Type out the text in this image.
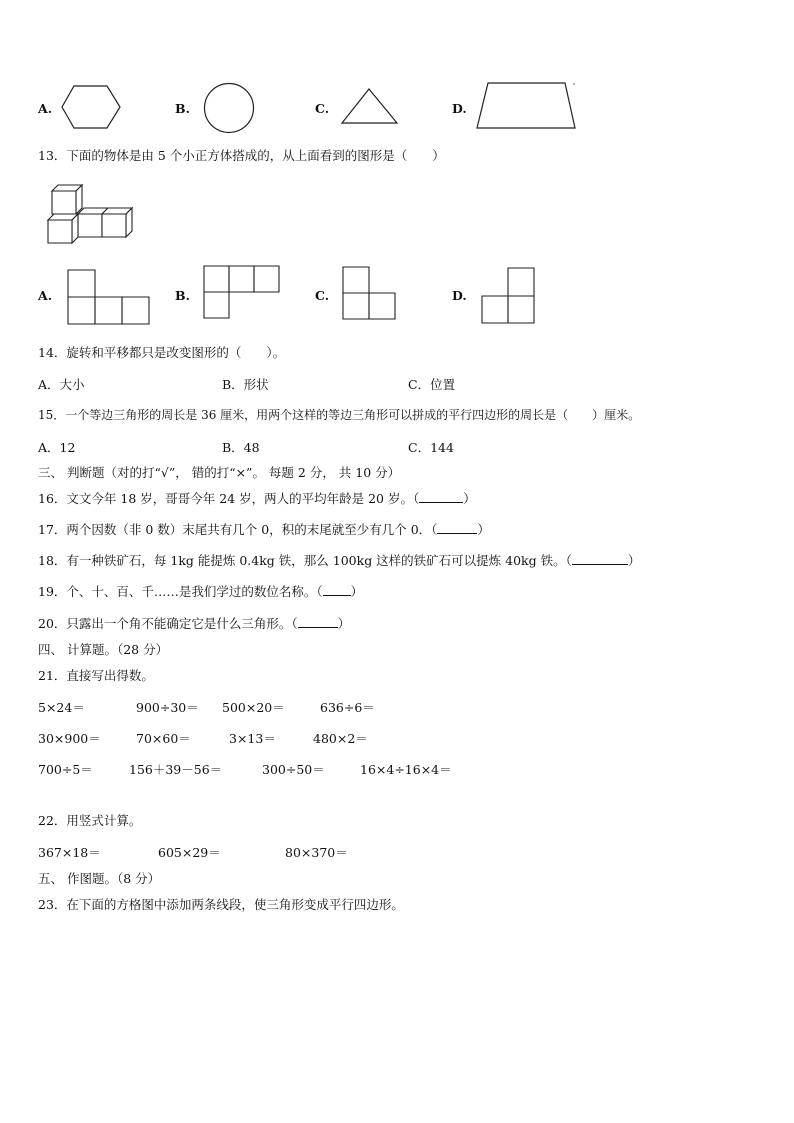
A.	B.	C.	D.
13．下面的物体是由 5 个小正方体搭成的，从上面看到的图形是（　　）
A.	B.	C.	D.
14．旋转和平移都只是改变图形的（　　）。
A．大小	B．形状	C．位置
15．一个等边三角形的周长是 36 厘米，用两个这样的等边三角形可以拼成的平行四边形的周长是（　　）厘米。
A．12	B．48	C．144
三、 判断题（对的打“√”， 错的打“×”。 每题 2 分， 共 10 分）
16．文文今年 18 岁，哥哥今年 24 岁，两人的平均年龄是 20 岁。（	）
17．两个因数（非 0 数）末尾共有几个 0，积的末尾就至少有几个 0．（	）
18．有一种铁矿石，每 1kg 能提炼 0.4kg 铁，那么 100kg 这样的铁矿石可以提炼 40kg 铁。（	）
19．个、十、百、千……是我们学过的数位名称。（ ）
20．只露出一个角不能确定它是什么三角形。（	）
四、 计算题。（28 分）
21．直接写出得数。
5×24＝	900÷30＝ 500×20＝	636÷6＝
30×900＝	70×60＝	3×13＝	480×2＝
700÷5＝	156＋39－56＝	300÷50＝	16×4÷16×4＝
22．用竖式计算。
367×18＝	605×29＝	80×370＝
五、 作图题。（8 分）
23．在下面的方格图中添加两条线段，使三角形变成平行四边形。
